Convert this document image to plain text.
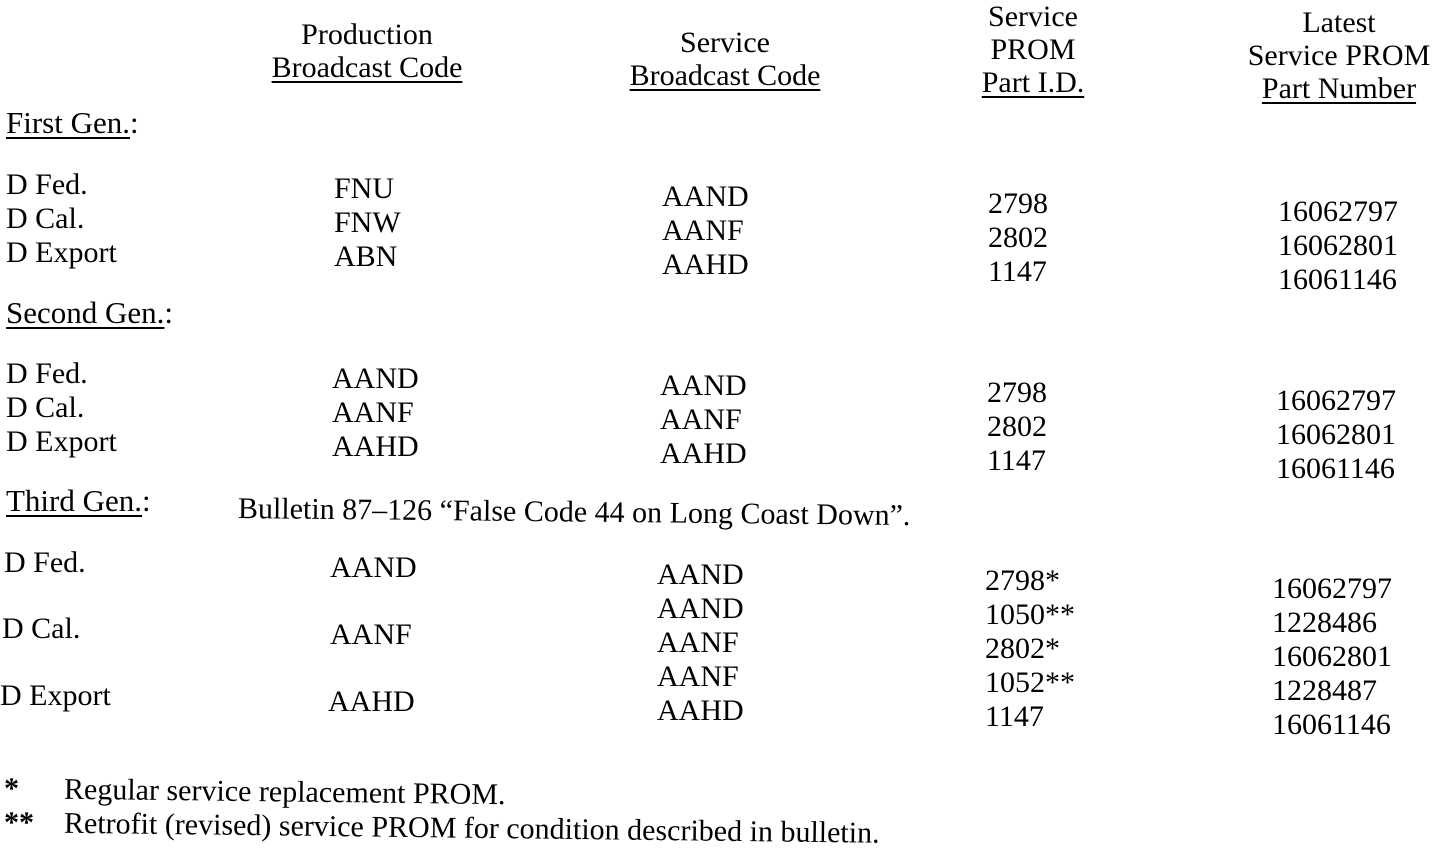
Production
Broadcast Code
Service
Broadcast Code
Service
PROM
Part I.D.
Latest
Service PROM
Part Number
First Gen.:
D Fed.
D Cal.
D Export
FNU
FNW
ABN
AAND
AANF
AAHD
2798
2802
1147
16062797
16062801
16061146
Second Gen.:
D Fed.
D Cal.
D Export
AAND
AANF
AAHD
AAND
AANF
AAHD
2798
2802
1147
16062797
16062801
16061146
Third Gen.:	Bulletin 87–126 “False Code 44 on Long Coast Down”.
D Fed.
D Cal.
D Export
AAND
AANF
AAHD
AAND
AAND
AANF
AANF
AAHD
2798*
1050**
2802*
1052**
1147
16062797
1228486
16062801
1228487
16061146
* Regular service replacement PROM.
** Retrofit (revised) service PROM for condition described in bulletin.
